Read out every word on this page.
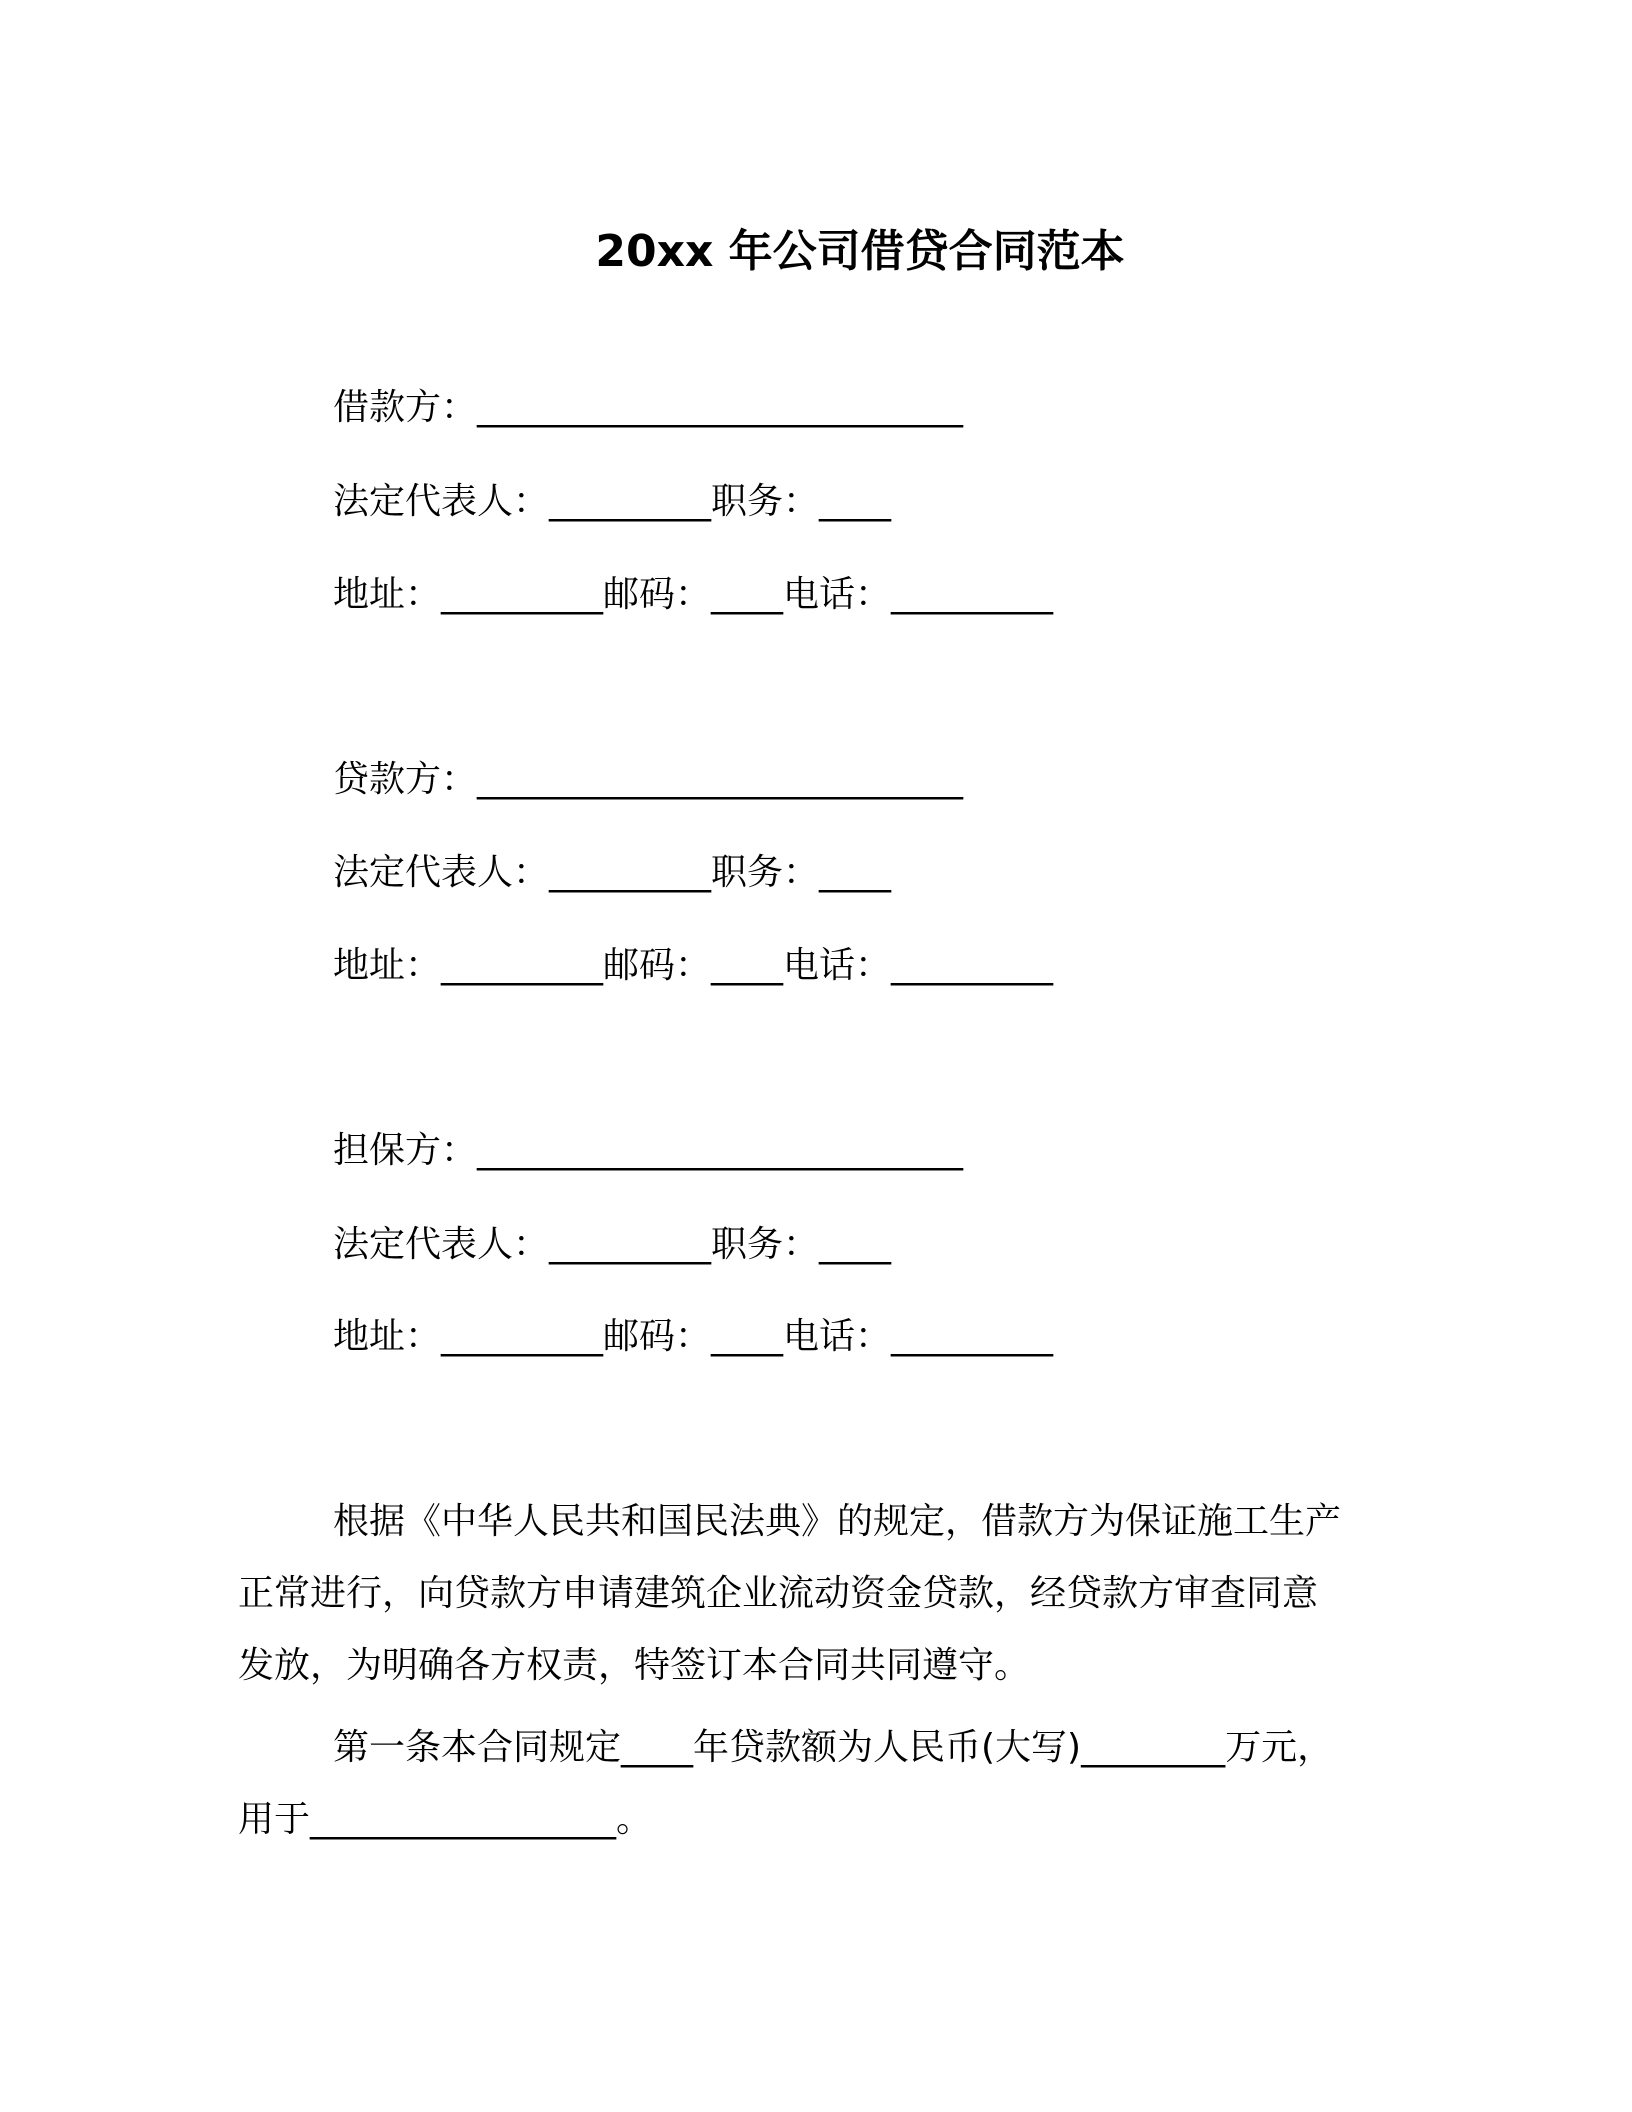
20xx 年公司借贷合同范本
借款方：___________________________
法定代表人：_________职务：____
地址：_________邮码：____电话：_________
贷款方：___________________________
法定代表人：_________职务：____
地址：_________邮码：____电话：_________
担保方：___________________________
法定代表人：_________职务：____
地址：_________邮码：____电话：_________
根据《中华人民共和国民法典》的规定，借款方为保证施工生产
正常进行，向贷款方申请建筑企业流动资金贷款，经贷款方审查同意
发放，为明确各方权责，特签订本合同共同遵守。
第一条本合同规定____年贷款额为人民币(大写)________万元，
用于_________________。
